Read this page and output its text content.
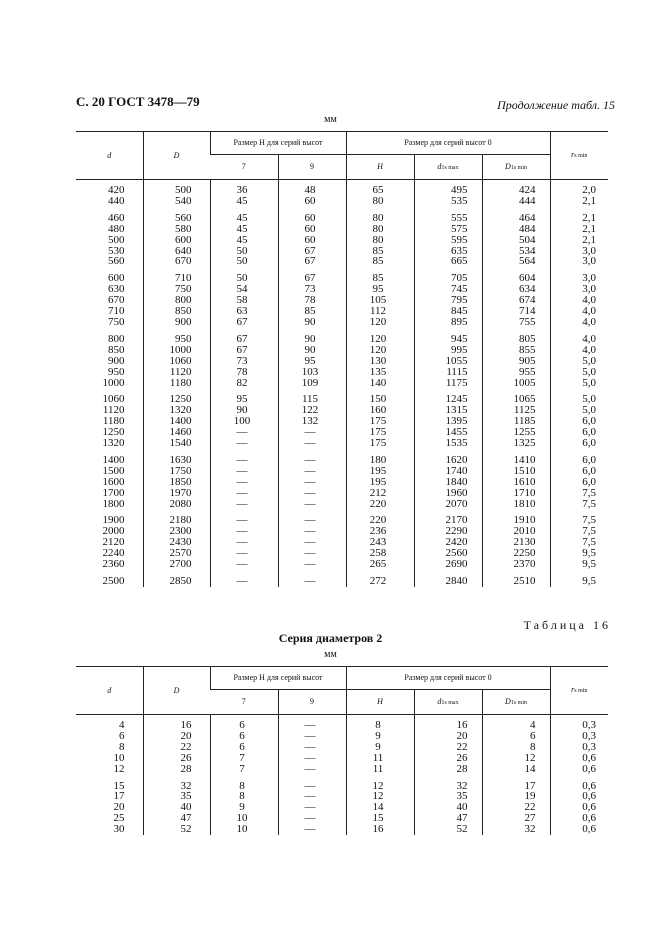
С. 20 ГОСТ 3478—79	Продолжение табл. 15
мм
d	D	Размер H для серий высот		Размер для серий высот 0			rs min
		7	9	H	d1s max	D1s min	
420	500	36	48	65	495	424	2,0
440	540	45	60	80	535	444	2,1
460	560	45	60	80	555	464	2,1
480	580	45	60	80	575	484	2,1
500	600	45	60	80	595	504	2,1
530	640	50	67	85	635	534	3,0
560	670	50	67	85	665	564	3,0
600	710	50	67	85	705	604	3,0
630	750	54	73	95	745	634	3,0
670	800	58	78	105	795	674	4,0
710	850	63	85	112	845	714	4,0
750	900	67	90	120	895	755	4,0
800	950	67	90	120	945	805	4,0
850	1000	67	90	120	995	855	4,0
900	1060	73	95	130	1055	905	5,0
950	1120	78	103	135	1115	955	5,0
1000	1180	82	109	140	1175	1005	5,0
1060	1250	95	115	150	1245	1065	5,0
1120	1320	90	122	160	1315	1125	5,0
1180	1400	100	132	175	1395	1185	6,0
1250	1460	—	—	175	1455	1255	6,0
1320	1540	—	—	175	1535	1325	6,0
1400	1630	—	—	180	1620	1410	6,0
1500	1750	—	—	195	1740	1510	6,0
1600	1850	—	—	195	1840	1610	6,0
1700	1970	—	—	212	1960	1710	7,5
1800	2080	—	—	220	2070	1810	7,5
1900	2180	—	—	220	2170	1910	7,5
2000	2300	—	—	236	2290	2010	7,5
2120	2430	—	—	243	2420	2130	7,5
2240	2570	—	—	258	2560	2250	9,5
2360	2700	—	—	265	2690	2370	9,5
2500	2850	—	—	272	2840	2510	9,5
Таблица 16
Серия диаметров 2
мм
d	D	Размер H для серий высот		Размер для серий высот 0			rs min
		7	9	H	d1s max	D1s min	
4	16	6	—	8	16	4	0,3
6	20	6	—	9	20	6	0,3
8	22	6	—	9	22	8	0,3
10	26	7	—	11	26	12	0,6
12	28	7	—	11	28	14	0,6
15	32	8	—	12	32	17	0,6
17	35	8	—	12	35	19	0,6
20	40	9	—	14	40	22	0,6
25	47	10	—	15	47	27	0,6
30	52	10	—	16	52	32	0,6
